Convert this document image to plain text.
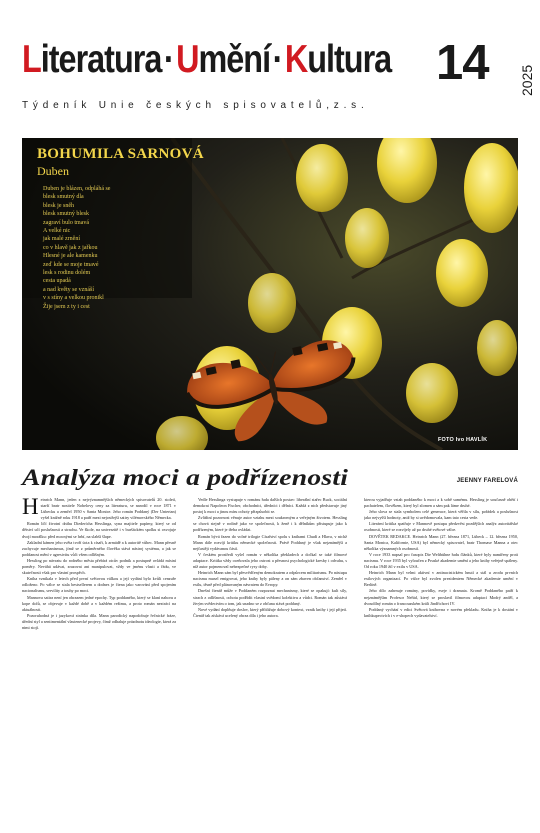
Literatura·Umění·Kultura 14 2025
Týdeník Unie českých spisovatelů,z.s.
BOHUMILA SARNOVÁ
Duben
Duben je blázen, odpláhá se
blesk smutný dla
blesk je sněh
blesk smutný blesk
zagraví bulo tmavá
A velké nic
jak malé zrnění
co v hlavě jak z jařkou
Hlesné je ale kamenku
zeď kde se moje tmavé
lesk s rodinu dolém
cesta upadá
a nad květy se vznáší
v s stíny a velkou pronikl
Žije jsem z ty i cest
FOTO Ivo HAVLÍK
Analýza moci a podřízenosti	JEENNY FARELOVÁ

Heinrich Mann, jeden z nejvýznamnějších německých spisovatelů 20. století, starší bratr nositele Nobelovy ceny za literaturu, se narodil v roce 1871 v Lübecku a zemřel 1950 v Santa Monice. Jeho román Poddaný (Der Untertan) vyšel knižně roku 1918 a patří mezi nejostřejší satiry vilémovského Německa.

Román líčí životní dráhu Diederícha Hesslinga, syna majitele papírny, který se od dětství učí poslušnosti a strachu. Ve škole, na univerzitě i v buršáckém spolku si osvojuje dvojí morálku: před mocnými se hrbí, na slabší šlape.

Zakladní kámen jeho světa tvoří úcta k císaři, k armádě a k autoritě vůbec. Mann přesně zachycuje mechanismus, jímž se z průměrného člověka stává nástroj systému, a jak se poddanost mění v agresivitu vůči všem odlišným.

Hessling po návratu do rodného města přebírá otcův podnik a postupně ovládá místní poměry. Neváhá udávat, zrazovat ani manipulovat, vždy ve jménu vlasti a řádu, ve skutečnosti však pro vlastní prospěch.

Kniha vznikala v letech před první světovou válkou a její vydání bylo kvůli cenzuře odloženo. Po válce se stala bestsellerem a dodnes je čtena jako varování před spojením nacionalismu, servility a touhy po moci.

Mannova satira není jen obrazem jedné epochy. Typ poddaného, který se klaní nahoru a kope dolů, se objevuje v každé době a v každém režimu, a proto román neztrácí na aktuálnosti.

Pozoruhodná je i jazyková stránka díla. Mann parodický napodobuje řečnické fráze, úřední styl a sentimentální vlastenecké projevy, čímž odhaluje prázdnotu ideologie, která za nimi stojí.

Vedle Hesslinga vystupuje v románu řada dalších postav: liberální stařec Buck, sociální demokrat Napoleon Fischer, obchodníci, úředníci i dělníci. Každá z nich představuje jiný postoj k moci a jinou míru ochoty přizpůsobit se.

Zvláštní pozornost věnuje autor vztahu mezi soukromým a veřejným životem. Hessling se chová stejně v rodině jako ve společnosti, k ženě i k dělníkům přistupuje jako k podřízeným, které je třeba ovládat.

Román bývá řazen do volné trilogie Císařství spolu s knihami Chudí a Hlava, v nichž Mann dále rozvíjí kritiku německé společnosti. Právě Poddaný je však nejznámější a nejčastěji vydávanou částí.

V českém prostředí vyšel román v několika překladech a dočkal se také filmové adaptace. Kritika vždy oceňovala jeho ostrost a přesnost psychologické kresby i odvahu, s níž autor pojmenoval nebezpečné rysy doby.

Heinrich Mann sám byl přesvědčeným demokratem a odpůrcem militarismu. Po nástupu nacismu musel emigrovat, jeho knihy byly páleny a on sám zbaven občanství. Zemřel v exilu, těsně před plánovaným návratem do Evropy.

Dnešní čtenář může v Poddaném rozpoznat mechanismy, které se opakují: kult síly, strach z odlišnosti, ochotu podřídit vlastní svědomí kolektivu a vůdci. Román tak zůstává živým svědectvím o tom, jak snadno se z občana stává poddaný.

Nové vydání doplňuje doslov, který přibližuje dobový kontext, vznik knihy i její přijetí. Čtenář tak získává ucelený obraz díla i jeho autora.

kterou vyjadřuje vztah poddaného k moci a k sobě samému. Hessling je současně obětí i pachatelem, člověkem, který byl zlomen a sám pak láme druhé.

Jeho slova se stala symbolem celé generace, která věřila v sílu, pořádek a poslušnost jako nejvyšší hodnoty, aniž by si uvědomovala, kam tato cesta vede.

Literární kritika spatřuje v Mannově postupu předzvěst pozdějších analýz autoritářské osobnosti, které se rozvíjely až po druhé světové válce.

DOVĚTEK REDAKCE. Heinrich Mann (27. března 1871, Lübeck – 12. března 1950, Santa Monica, Kalifornie, USA) byl německý spisovatel, bratr Thomase Manna a otec několika významných osobností.

V roce 1933 napsal pro časopis Die Weltbühne řadu článků, které byly namířeny proti nacismu. V roce 1935 byl vyloučen z Pruské akademie umění a jeho knihy veřejně spáleny. Od roku 1940 žil v exilu v USA.

Heinrich Mann byl velmi aktivní v antinacistickém hnutí a stál u zrodu prvních exilových organizací. Po válce byl zvolen prezidentem Německé akademie umění v Berlíně.

Jeho dílo zahrnuje romány, povídky, eseje i dramata. Kromě Poddaného patří k nejznámějším Profesor Neřád, který se proslavil filmovou adaptací Modrý anděl, a dvoudílný román o francouzském králi Jindřichovi IV.

Poddaný vychází v edici Světová knihovna v novém překladu. Kniha je k dostání v knihkupectvích i v e-shopech vydavatelství.
